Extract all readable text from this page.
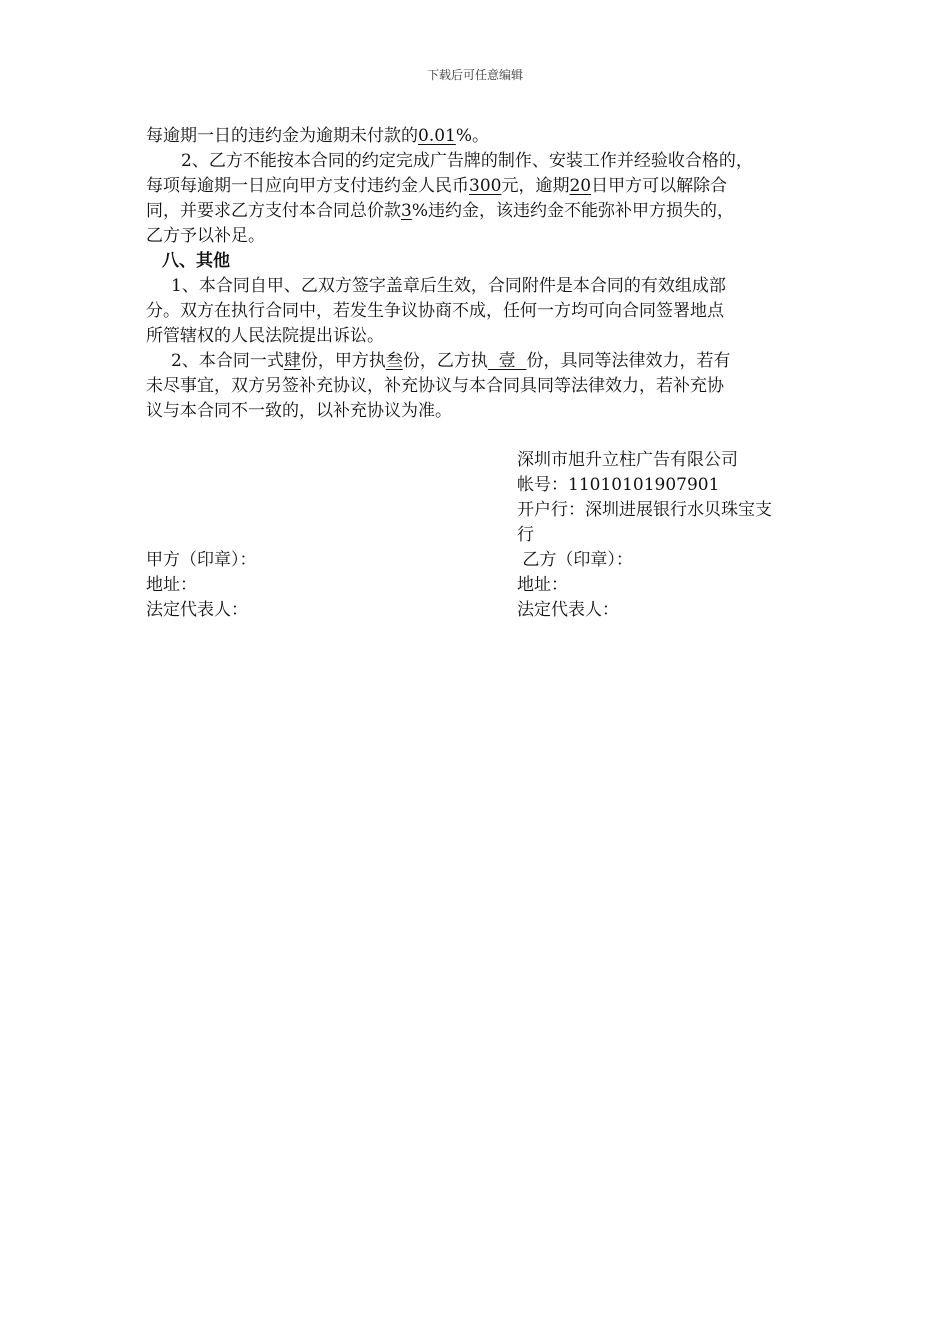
下载后可任意编辑

每逾期一日的违约金为逾期未付款的0.01%。

2、乙方不能按本合同的约定完成广告牌的制作、安装工作并经验收合格的，

每项每逾期一日应向甲方支付违约金人民币300元，逾期20日甲方可以解除合

同，并要求乙方支付本合同总价款3%违约金，该违约金不能弥补甲方损失的，

乙方予以补足。

八、其他

1、本合同自甲、乙双方签字盖章后生效，合同附件是本合同的有效组成部

分。双方在执行合同中，若发生争议协商不成，任何一方均可向合同签署地点

所管辖权的人民法院提出诉讼。

2、本合同一式肆份，甲方执叁份，乙方执  壹  份，具同等法律效力，若有

未尽事宜，双方另签补充协议，补充协议与本合同具同等法律效力，若补充协

议与本合同不一致的，以补充协议为准。

深圳市旭升立柱广告有限公司
帐号：11010101907901
开户行：深圳进展银行水贝珠宝支
行
甲方（印章）：
地址：
法定代表人：
乙方（印章）：
地址：
法定代表人：
